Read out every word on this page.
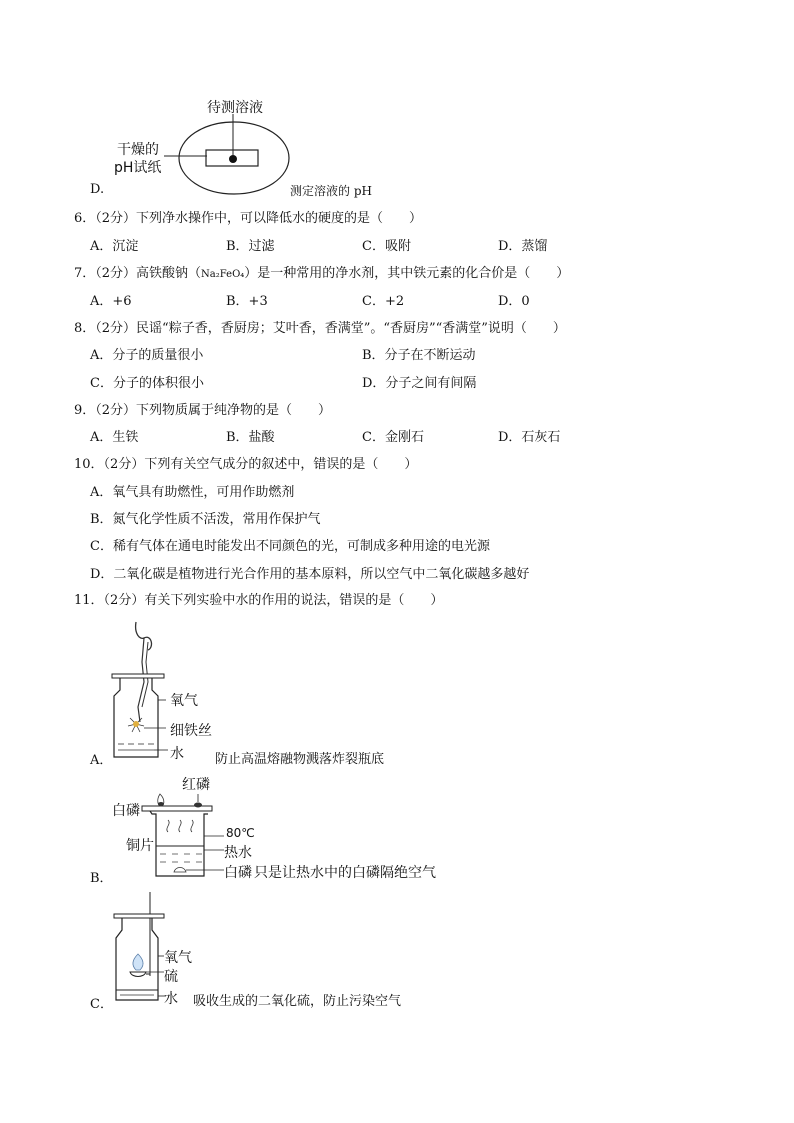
待测溶液
干燥的
pH试纸
D.	测定溶液的 pH
6．（2分）下列净水操作中，可以降低水的硬度的是（　　）
A．沉淀	B．过滤	C．吸附	D．蒸馏
7．（2分）高铁酸钠（Na₂FeO₄）是一种常用的净水剂，其中铁元素的化合价是（　　）
A．+6	B．+3	C．+2	D．0
8．（2分）民谣“粽子香，香厨房；艾叶香，香满堂”。“香厨房”“香满堂”说明（　　）
A．分子的质量很小	B．分子在不断运动
C．分子的体积很小	D．分子之间有间隔
9．（2分）下列物质属于纯净物的是（　　）
A．生铁	B．盐酸	C．金刚石	D．石灰石
10．（2分）下列有关空气成分的叙述中，错误的是（　　）
A．氧气具有助燃性，可用作助燃剂
B．氮气化学性质不活泼，常用作保护气
C．稀有气体在通电时能发出不同颜色的光，可制成多种用途的电光源
D．二氧化碳是植物进行光合作用的基本原料，所以空气中二氧化碳越多越好
11．（2分）有关下列实验中水的作用的说法，错误的是（　　）
氧气
细铁丝
水
A．	防止高温熔融物溅落炸裂瓶底
红磷
白磷
铜片
80℃
热水
白磷
B．	只是让热水中的白磷隔绝空气
氧气
硫
水
C．	吸收生成的二氧化硫，防止污染空气
